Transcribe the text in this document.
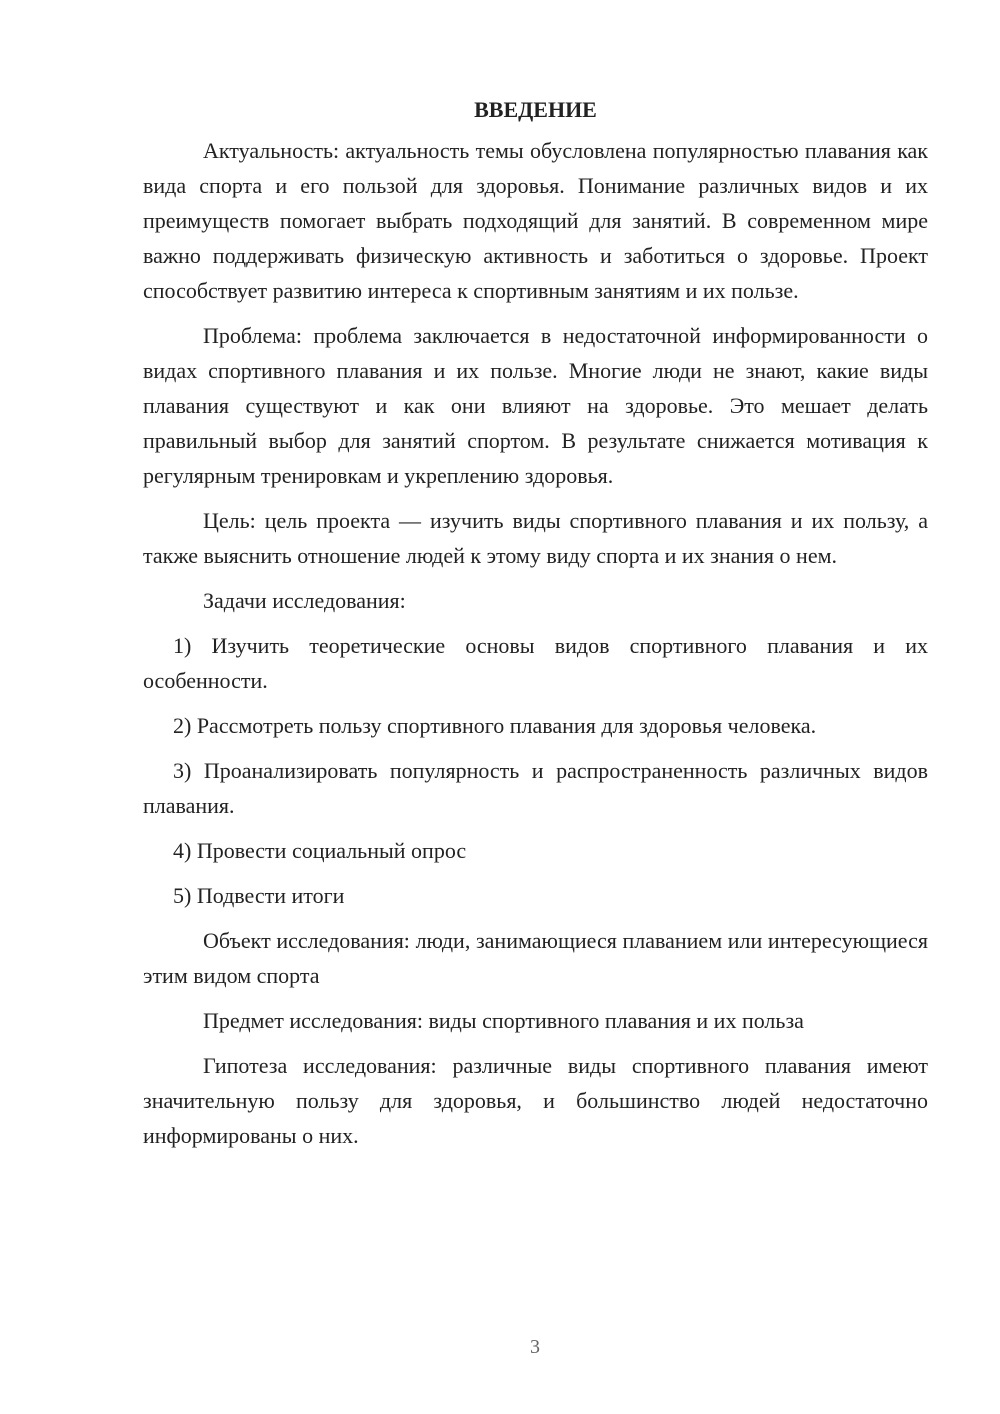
ВВЕДЕНИЕ

Актуальность: актуальность темы обусловлена популярностью плавания как вида спорта и его пользой для здоровья. Понимание различных видов и их преимуществ помогает выбрать подходящий для занятий. В современном мире важно поддерживать физическую активность и заботиться о здоровье. Проект способствует развитию интереса к спортивным занятиям и их пользе.

Проблема: проблема заключается в недостаточной информированности о видах спортивного плавания и их пользе. Многие люди не знают, какие виды плавания существуют и как они влияют на здоровье. Это мешает делать правильный выбор для занятий спортом. В результате снижается мотивация к регулярным тренировкам и укреплению здоровья.

Цель: цель проекта — изучить виды спортивного плавания и их пользу, а также выяснить отношение людей к этому виду спорта и их знания о нем.

Задачи исследования:

1) Изучить теоретические основы видов спортивного плавания и их особенности.

2) Рассмотреть пользу спортивного плавания для здоровья человека.

3) Проанализировать популярность и распространенность различных видов плавания.

4) Провести социальный опрос

5) Подвести итоги

Объект исследования: люди, занимающиеся плаванием или интересующиеся этим видом спорта

Предмет исследования: виды спортивного плавания и их польза

Гипотеза исследования: различные виды спортивного плавания имеют значительную пользу для здоровья, и большинство людей недостаточно информированы о них.

3
